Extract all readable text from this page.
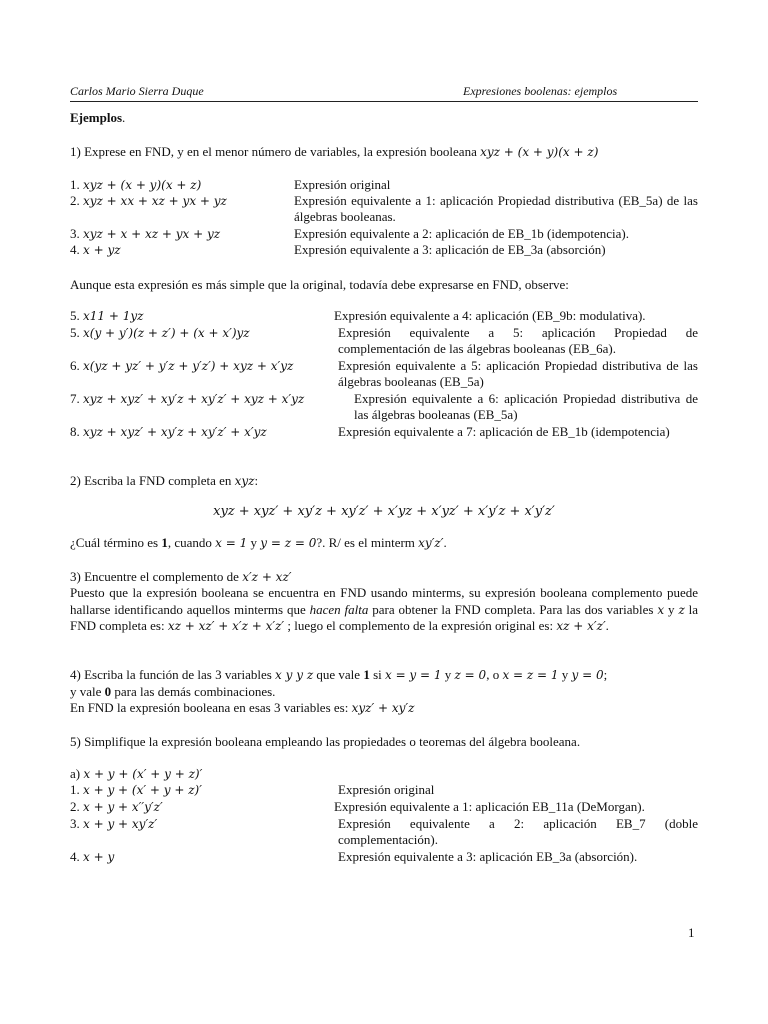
Carlos Mario Sierra Duque	Expresiones boolenas: ejemplos
Ejemplos.
1) Exprese en FND, y en el menor número de variables, la expresión booleana xyz + (x + y)(x + z)
1. xyz + (x + y)(x + z)	Expresión original
2. xyz + xx + xz + yx + yz	Expresión equivalente a 1: aplicación Propiedad distributiva (EB_5a) de las álgebras booleanas.
3. xyz + x + xz + yx + yz	Expresión equivalente a 2: aplicación de EB_1b (idempotencia).
4. x + yz	Expresión equivalente a 3: aplicación de EB_3a (absorción)
Aunque esta expresión es más simple que la original, todavía debe expresarse en FND, observe:
5. x11 + 1yz	Expresión equivalente a 4: aplicación (EB_9b: modulativa).
5. x(y + y′)(z + z′) + (x + x′)yz	Expresión equivalente a 5: aplicación Propiedad de complementación de las álgebras booleanas (EB_6a).
6. x(yz + yz′ + y′z + y′z′) + xyz + x′yz	Expresión equivalente a 5: aplicación Propiedad distributiva de las álgebras booleanas (EB_5a)
7. xyz + xyz′ + xy′z + xy′z′ + xyz + x′yz	Expresión equivalente a 6: aplicación Propiedad distributiva de las álgebras booleanas (EB_5a)
8. xyz + xyz′ + xy′z + xy′z′ + x′yz	Expresión equivalente a 7: aplicación de EB_1b (idempotencia)
2) Escriba la FND completa en xyz:
xyz + xyz′ + xy′z + xy′z′ + x′yz + x′yz′ + x′y′z + x′y′z′
¿Cuál término es 1, cuando x = 1 y y = z = 0?. R/ es el minterm xy′z′.
3) Encuentre el complemento de x′z + xz′
Puesto que la expresión booleana se encuentra en FND usando minterms, su expresión booleana complemento puede hallarse identificando aquellos minterms que hacen falta para obtener la FND completa. Para las dos variables x y z la FND completa es: xz + xz′ + x′z + x′z′ ; luego el complemento de la expresión original es: xz + x′z′.
4) Escriba la función de las 3 variables x y y z que vale 1 si x = y = 1 y z = 0, o x = z = 1 y y = 0;
y vale 0 para las demás combinaciones.
En FND la expresión booleana en esas 3 variables es: xyz′ + xy′z
5) Simplifique la expresión booleana empleando las propiedades o teoremas del álgebra booleana.
a) x + y + (x′ + y + z)′
1. x + y + (x′ + y + z)′	Expresión original
2. x + y + x′′y′z′	Expresión equivalente a 1: aplicación EB_11a (DeMorgan).
3. x + y + xy′z′	Expresión equivalente a 2: aplicación EB_7 (doble complementación).
4. x + y	Expresión equivalente a 3: aplicación EB_3a (absorción).
1
